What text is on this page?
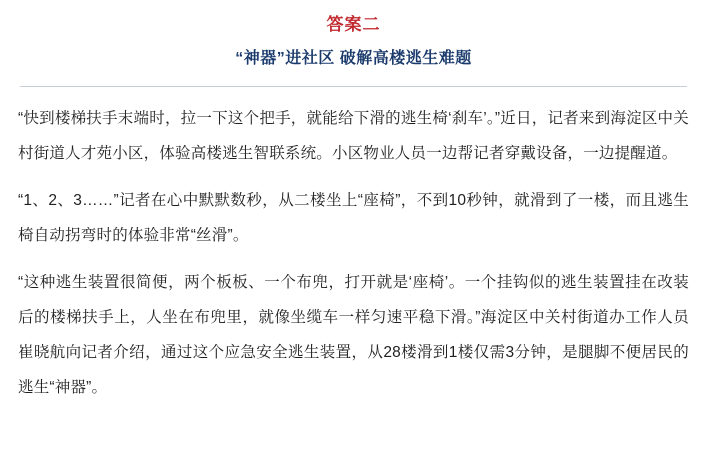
答案二
“神器”进社区 破解高楼逃生难题

“快到楼梯扶手末端时，拉一下这个把手，就能给下滑的逃生椅‘刹车’。”近日，记者来到海淀区中关村街道人才苑小区，体验高楼逃生智联系统。小区物业人员一边帮记者穿戴设备，一边提醒道。

“1、2、3……”记者在心中默默数秒，从二楼坐上“座椅”，不到10秒钟，就滑到了一楼，而且逃生椅自动拐弯时的体验非常“丝滑”。

“这种逃生装置很简便，两个板板、一个布兜，打开就是‘座椅’。一个挂钩似的逃生装置挂在改装后的楼梯扶手上，人坐在布兜里，就像坐缆车一样匀速平稳下滑。”海淀区中关村街道办工作人员崔晓航向记者介绍，通过这个应急安全逃生装置，从28楼滑到1楼仅需3分钟，是腿脚不便居民的逃生“神器”。
